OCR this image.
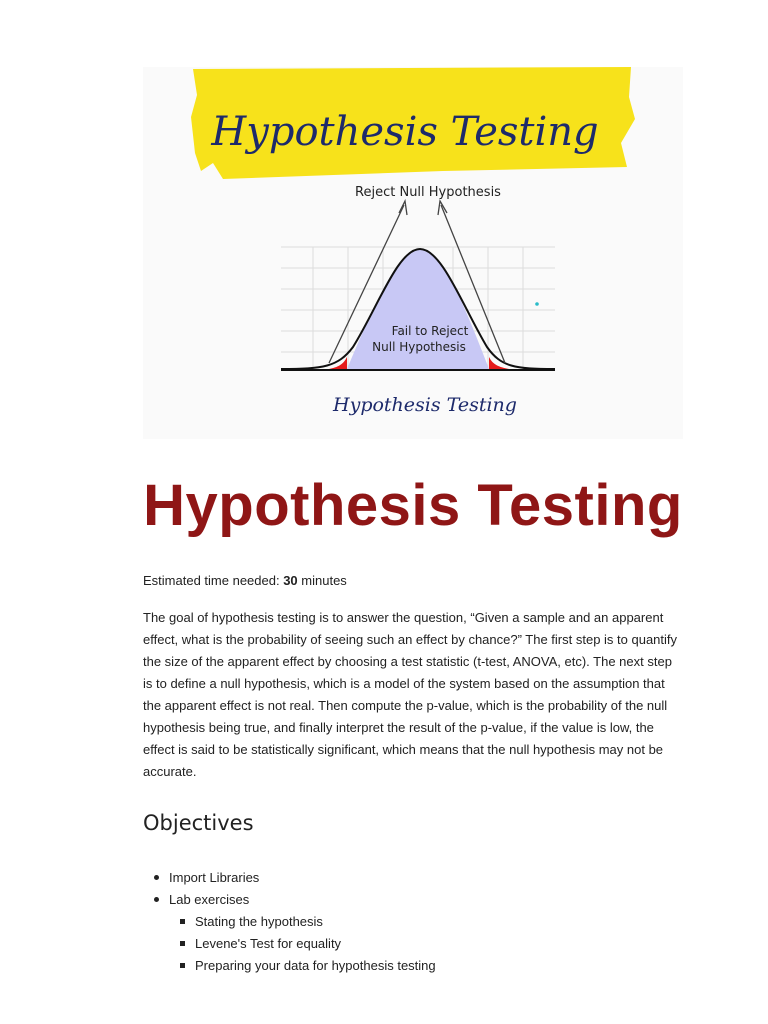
Hypothesis Testing
Reject Null Hypothesis
Fail to Reject
Null Hypothesis
Hypothesis Testing
Hypothesis Testing
Estimated time needed: 30 minutes

The goal of hypothesis testing is to answer the question, “Given a sample and an apparent effect, what is the probability of seeing such an effect by chance?” The first step is to quantify the size of the apparent effect by choosing a test statistic (t-test, ANOVA, etc). The next step is to define a null hypothesis, which is a model of the system based on the assumption that the apparent effect is not real. Then compute the p-value, which is the probability of the null hypothesis being true, and finally interpret the result of the p-value, if the value is low, the effect is said to be statistically significant, which means that the null hypothesis may not be accurate.

Objectives
Import Libraries
Lab exercises
Stating the hypothesis
Levene's Test for equality
Preparing your data for hypothesis testing
